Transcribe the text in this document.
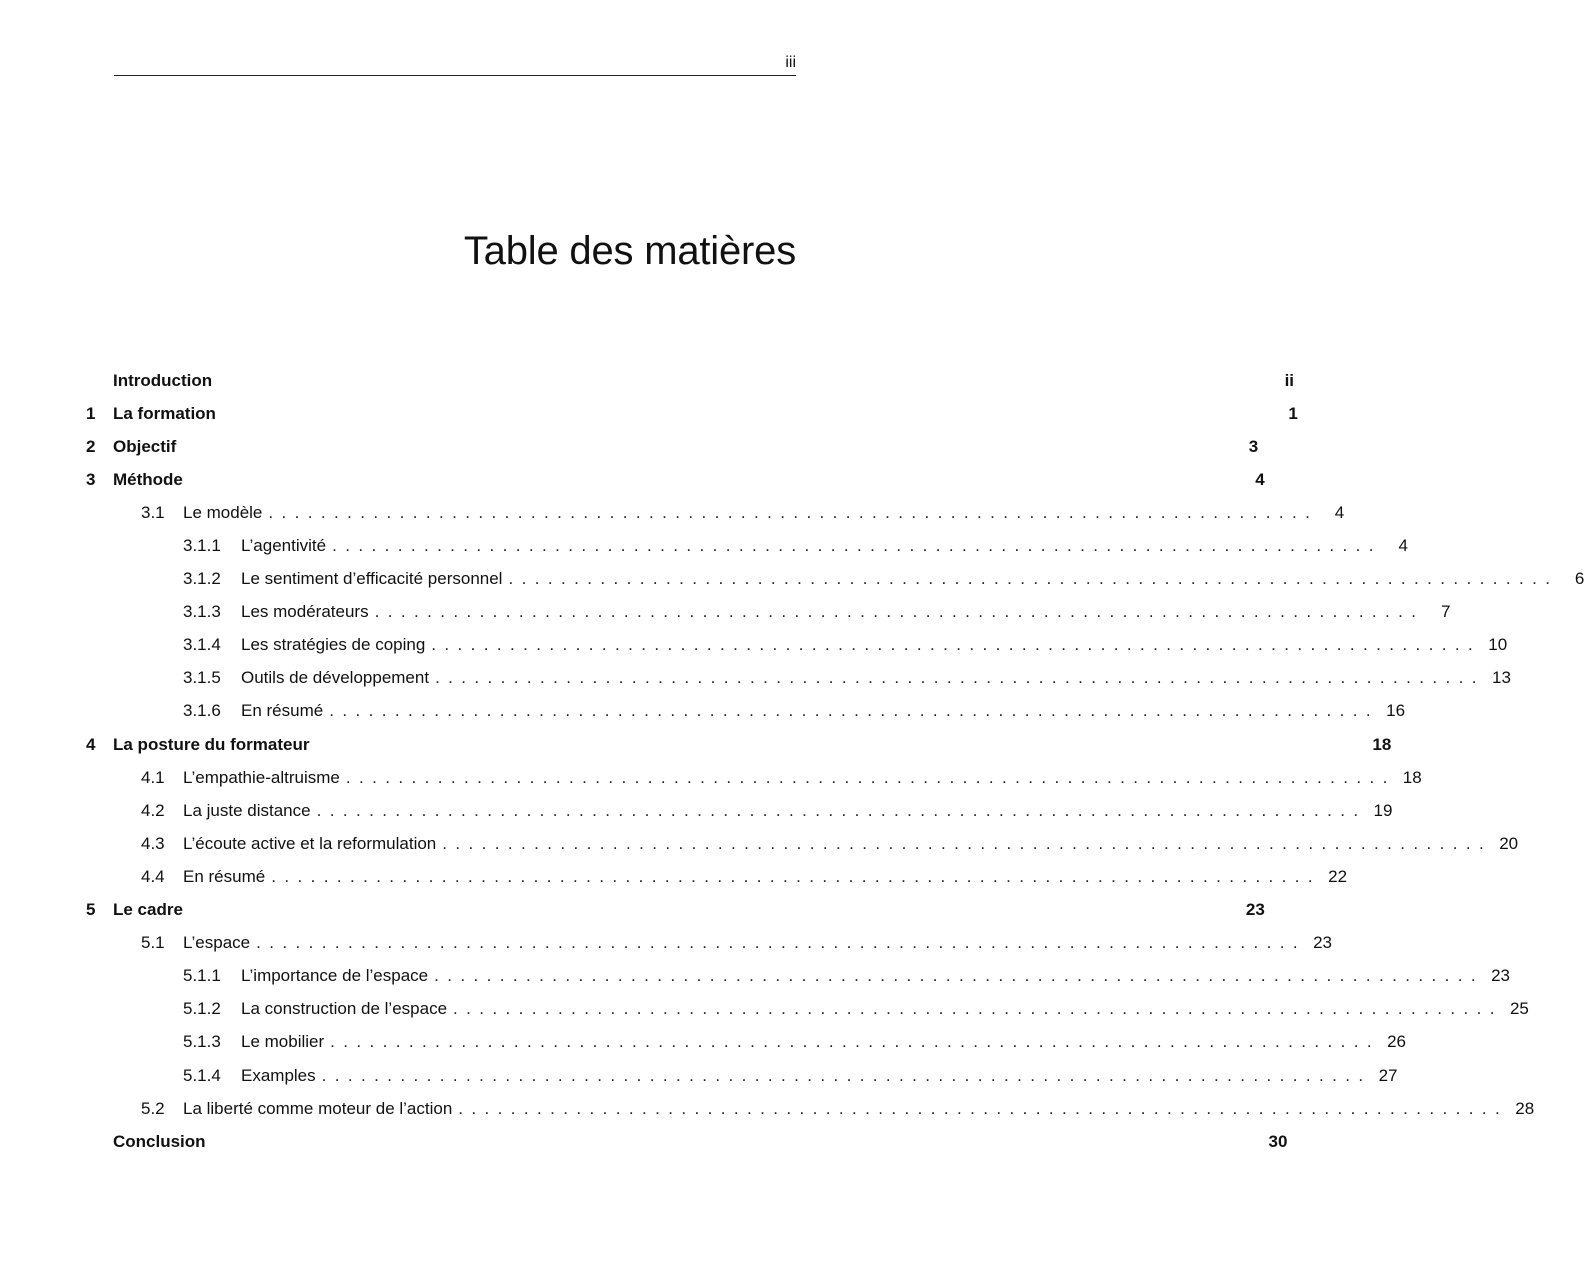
iii
Table des matières
Introduction	ii
1	La formation	1
2	Objectif	3
3	Méthode	4
3.1	Le modèle ................................................................................ 4
3.1.1	L’agentivité ................................................................................ 4
3.1.2	Le sentiment d’efficacité personnel ................................................................................ 6
3.1.3	Les modérateurs ................................................................................ 7
3.1.4	Les stratégies de coping ................................................................................ 10
3.1.5	Outils de développement ................................................................................ 13
3.1.6	En résumé ................................................................................ 16
4	La posture du formateur	18
4.1	L’empathie-altruisme ................................................................................ 18
4.2	La juste distance ................................................................................ 19
4.3	L’écoute active et la reformulation ................................................................................ 20
4.4	En résumé ................................................................................ 22
5	Le cadre	23
5.1	L’espace ................................................................................ 23
5.1.1	L’importance de l’espace ................................................................................ 23
5.1.2	La construction de l’espace ................................................................................ 25
5.1.3	Le mobilier ................................................................................ 26
5.1.4	Examples ................................................................................ 27
5.2	La liberté comme moteur de l’action ................................................................................ 28
Conclusion	30
